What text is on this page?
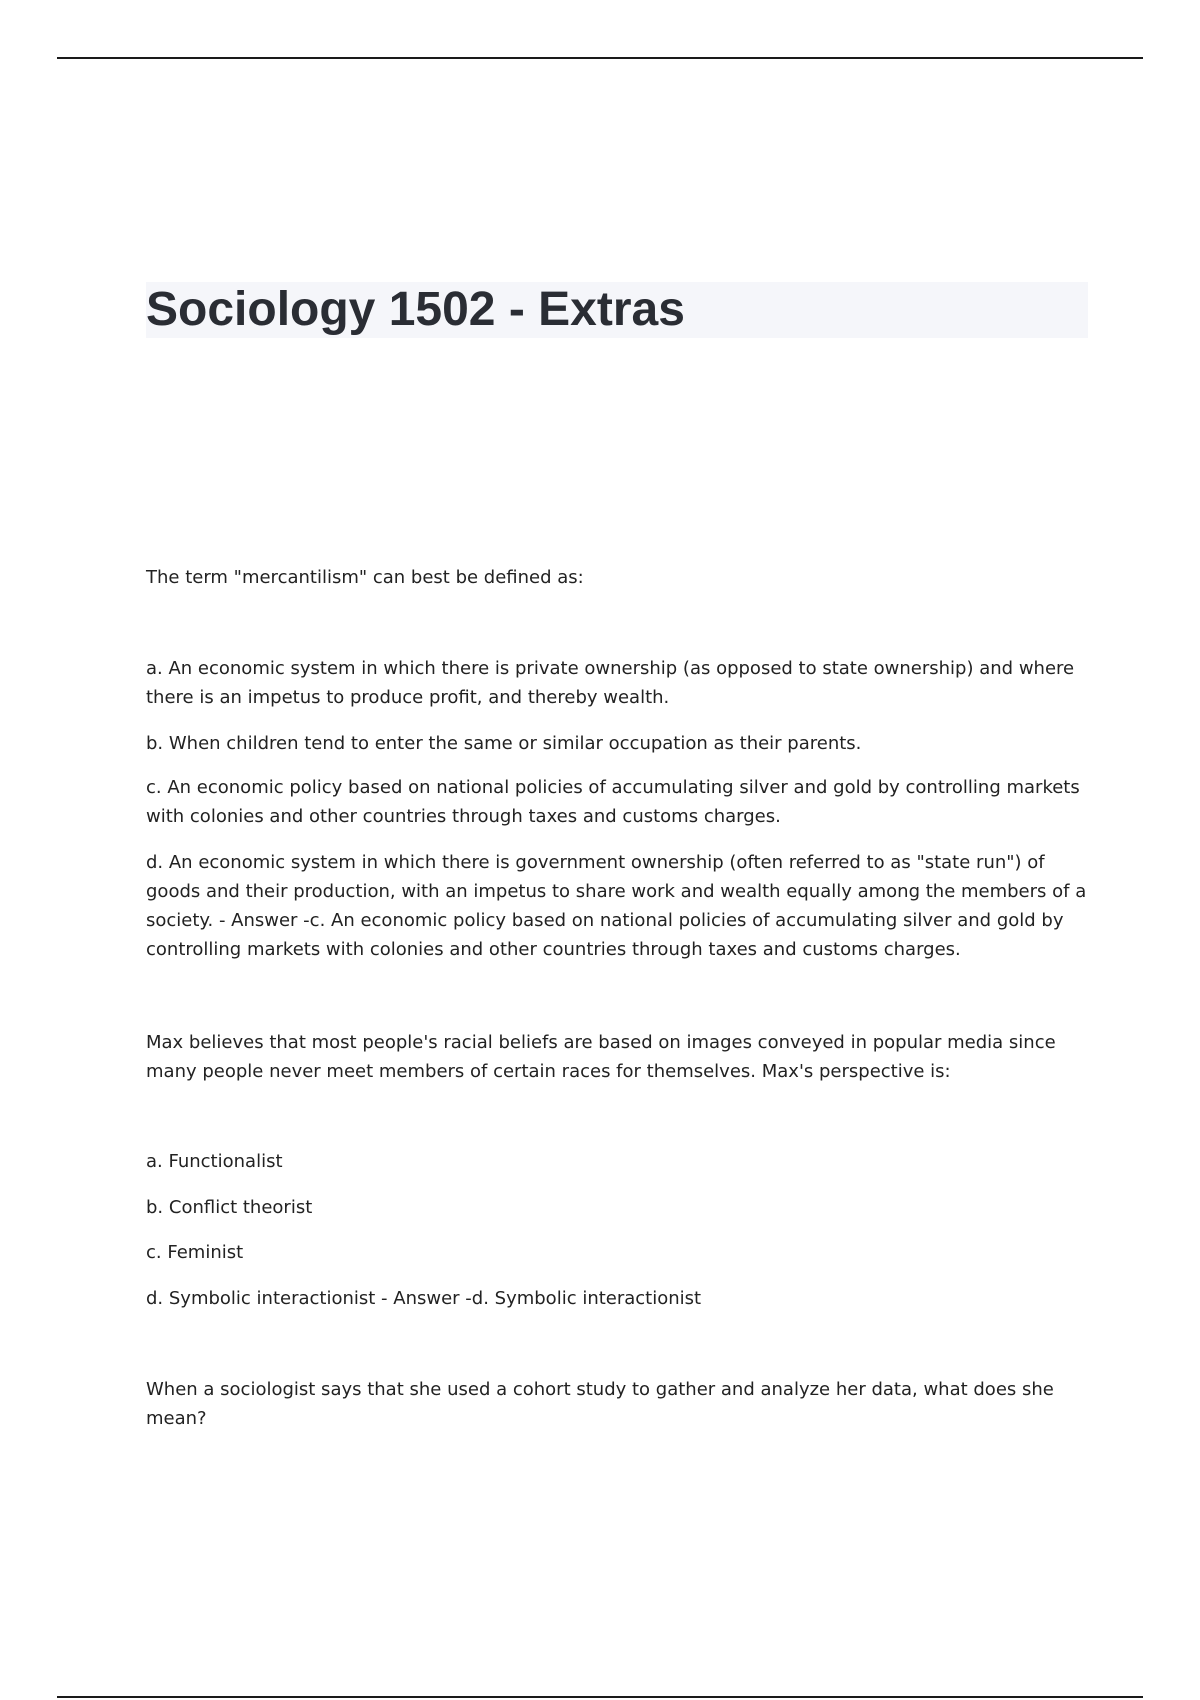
Sociology 1502 - Extras

The term "mercantilism" can best be defined as:

a. An economic system in which there is private ownership (as opposed to state ownership) and where there is an impetus to produce profit, and thereby wealth.

b. When children tend to enter the same or similar occupation as their parents.

c. An economic policy based on national policies of accumulating silver and gold by controlling markets with colonies and other countries through taxes and customs charges.

d. An economic system in which there is government ownership (often referred to as "state run") of goods and their production, with an impetus to share work and wealth equally among the members of a society. - Answer -c. An economic policy based on national policies of accumulating silver and gold by controlling markets with colonies and other countries through taxes and customs charges.

Max believes that most people's racial beliefs are based on images conveyed in popular media since many people never meet members of certain races for themselves. Max's perspective is:

a. Functionalist

b. Conflict theorist

c. Feminist

d. Symbolic interactionist - Answer -d. Symbolic interactionist

When a sociologist says that she used a cohort study to gather and analyze her data, what does she mean?
